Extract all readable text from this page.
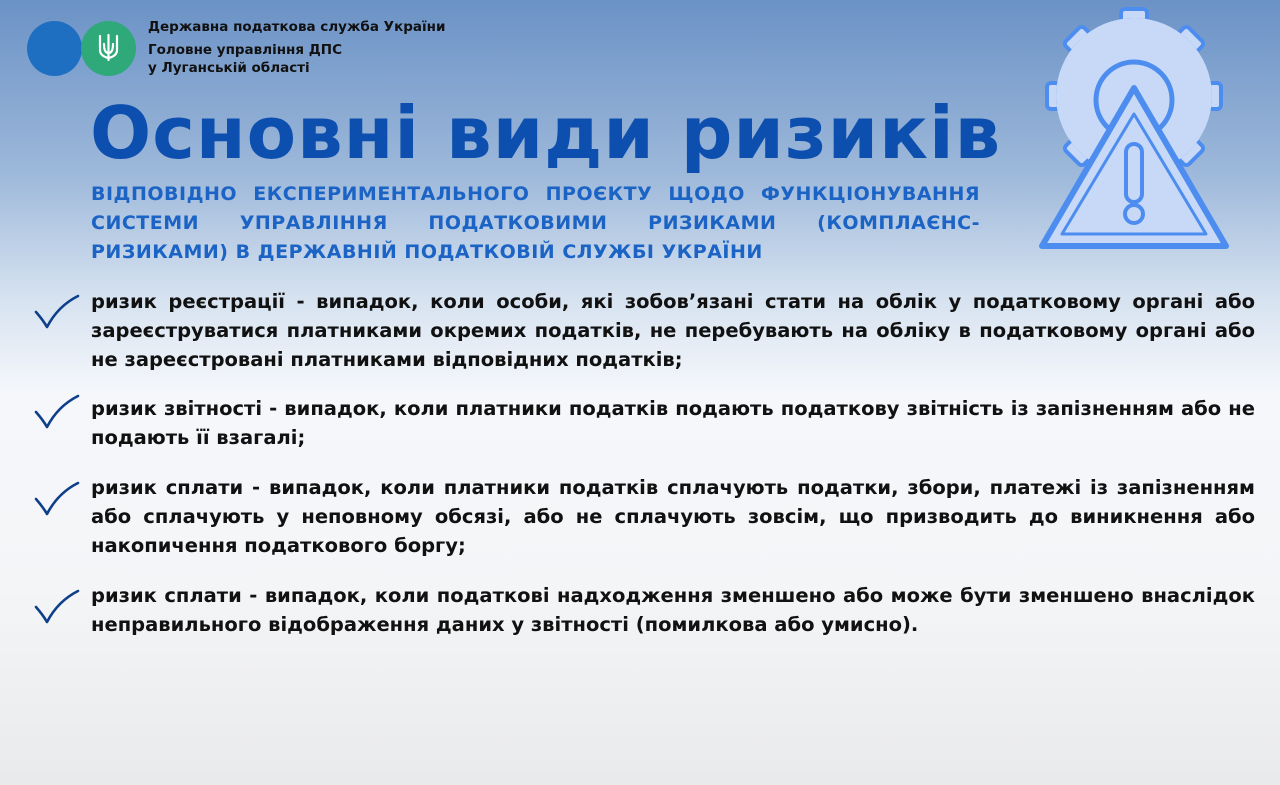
Державна податкова служба України
Головне управління ДПС
у Луганській області
Основні види ризиків

ВІДПОВІДНО ЕКСПЕРИМЕНТАЛЬНОГО ПРОЄКТУ ЩОДО ФУНКЦІОНУВАННЯ СИСТЕМИ УПРАВЛІННЯ ПОДАТКОВИМИ РИЗИКАМИ (КОМПЛАЄНС-РИЗИКАМИ) В ДЕРЖАВНІЙ ПОДАТКОВІЙ СЛУЖБІ УКРАЇНИ

ризик реєстрації - випадок, коли особи, які зобов’язані стати на облік у податковому органі або зареєструватися платниками окремих податків, не перебувають на обліку в податковому органі або не зареєстровані платниками відповідних податків;

ризик звітності - випадок, коли платники податків подають податкову звітність із запізненням або не подають її взагалі;

ризик сплати - випадок, коли платники податків сплачують податки, збори, платежі із запізненням або сплачують у неповному обсязі, або не сплачують зовсім, що призводить до виникнення або накопичення податкового боргу;

ризик сплати - випадок, коли податкові надходження зменшено або може бути зменшено внаслідок неправильного відображення даних у звітності (помилкова або умисно).
